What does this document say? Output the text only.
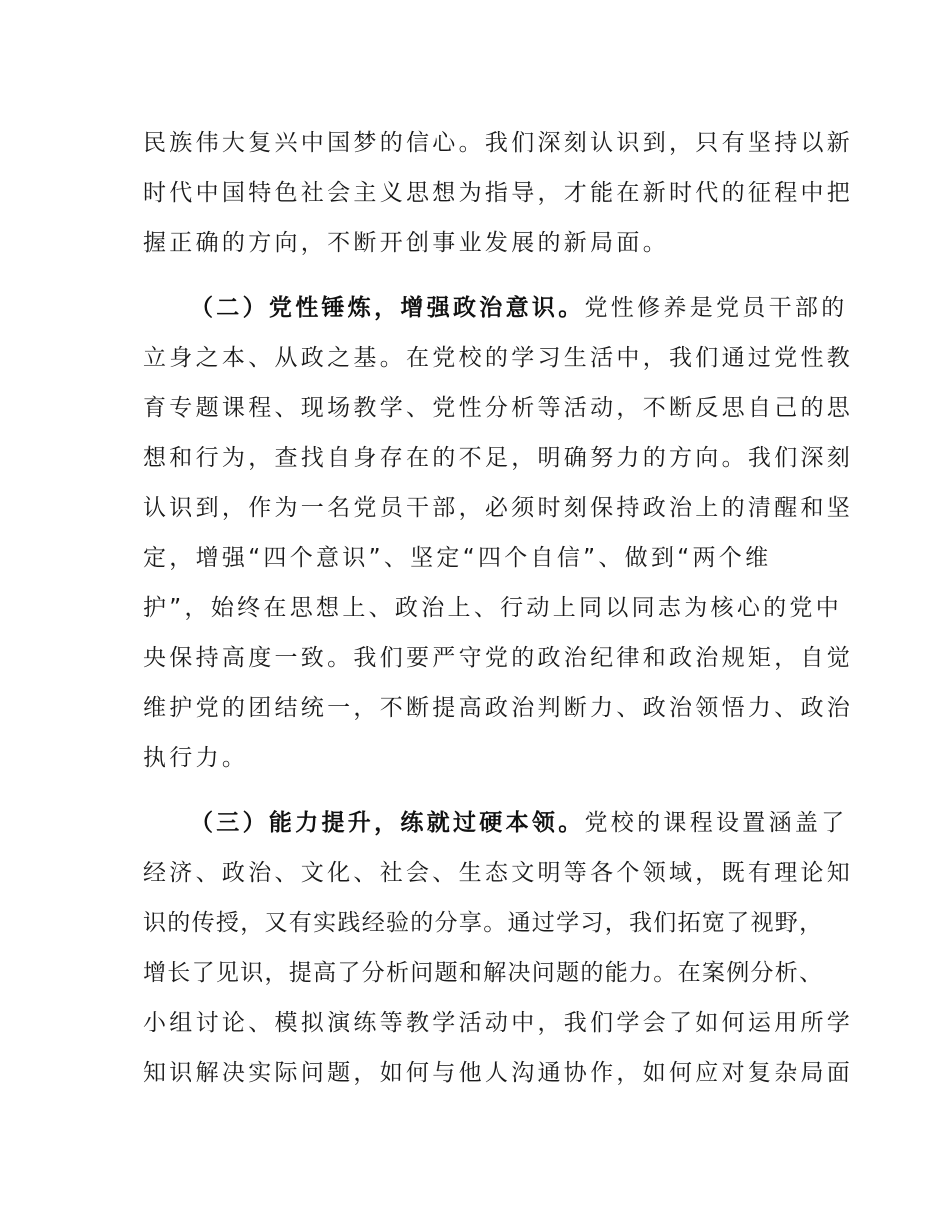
民族伟大复兴中国梦的信心。我们深刻认识到，只有坚持以新
时代中国特色社会主义思想为指导，才能在新时代的征程中把
握正确的方向，不断开创事业发展的新局面。
（二）党性锤炼，增强政治意识。党性修养是党员干部的
立身之本、从政之基。在党校的学习生活中，我们通过党性教
育专题课程、现场教学、党性分析等活动，不断反思自己的思
想和行为，查找自身存在的不足，明确努力的方向。我们深刻
认识到，作为一名党员干部，必须时刻保持政治上的清醒和坚
定，增强“四个意识”、坚定“四个自信”、做到“两个维
护”，始终在思想上、政治上、行动上同以同志为核心的党中
央保持高度一致。我们要严守党的政治纪律和政治规矩，自觉
维护党的团结统一，不断提高政治判断力、政治领悟力、政治
执行力。
（三）能力提升，练就过硬本领。党校的课程设置涵盖了
经济、政治、文化、社会、生态文明等各个领域，既有理论知
识的传授，又有实践经验的分享。通过学习，我们拓宽了视野，
增长了见识，提高了分析问题和解决问题的能力。在案例分析、
小组讨论、模拟演练等教学活动中，我们学会了如何运用所学
知识解决实际问题，如何与他人沟通协作，如何应对复杂局面
